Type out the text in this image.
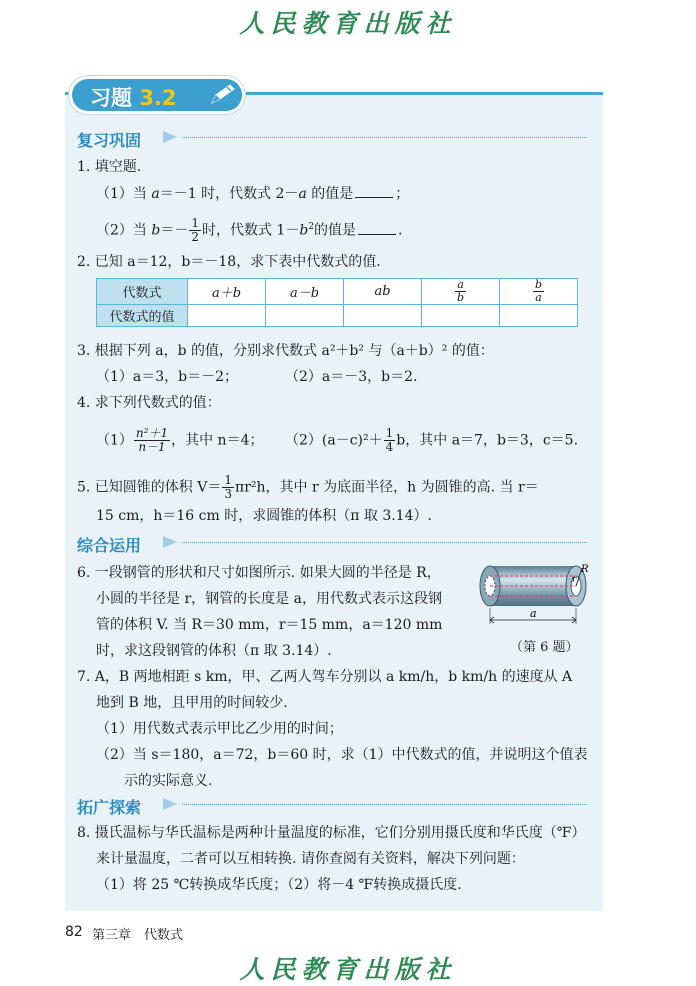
人民教育出版社
习题 3.2
复习巩固
1. 填空题.
（1）当 a＝－1 时，代数式 2－a 的值是	；
（2）当 $b=- \frac{1}{2}$ 时，代数式 $1-b^2$的值是	.
2. 已知 a＝12，b＝－18，求下表中代数式的值.
代数式	a＋b	a－b	ab	$\frac{a}{b}$	$\frac{b}{a}$

代数式的值					
3. 根据下列 a，b 的值，分别求代数式 a²＋b² 与（a＋b）² 的值：
（1）a＝3，b＝－2；	（2）a＝－3，b＝2.
4. 求下列代数式的值：
$(1) \frac{\text{n²＋1}}{n-1}$ ，其中 n＝4； $(2)(a-c)^2+ \frac{1}{4}$ b，其中 a＝7，b＝3，c＝5.
5. 已知圆锥的体积 $V= \frac{1}{3} \pi r^2h$，其中 r 为底面半径，h 为圆锥的高. 当 r＝
15 cm，h＝16 cm 时，求圆锥的体积（π 取 3.14）.
综合运用
6. 一段钢管的形状和尺寸如图所示. 如果大圆的半径是 R，
小圆的半径是 r，钢管的长度是 a，用代数式表示这段钢
管的体积 V. 当 R＝30 mm，r＝15 mm，a＝120 mm
时，求这段钢管的体积（π 取 3.14）.
R
r
a
（第 6 题）
7. A，B 两地相距 s km，甲、乙两人驾车分别以 a km/h，b km/h 的速度从 A
地到 B 地，且甲用的时间较少.
（1）用代数式表示甲比乙少用的时间；
（2）当 s＝180，a＝72，b＝60 时，求（1）中代数式的值，并说明这个值表
示的实际意义.
拓广探索
8. 摄氏温标与华氏温标是两种计量温度的标准，它们分别用摄氏度和华氏度（℉）
来计量温度，二者可以互相转换. 请你查阅有关资料，解决下列问题：
（1）将 25 ℃转换成华氏度；（2）将－4 ℉转换成摄氏度.
82 第三章　代数式
人民教育出版社
